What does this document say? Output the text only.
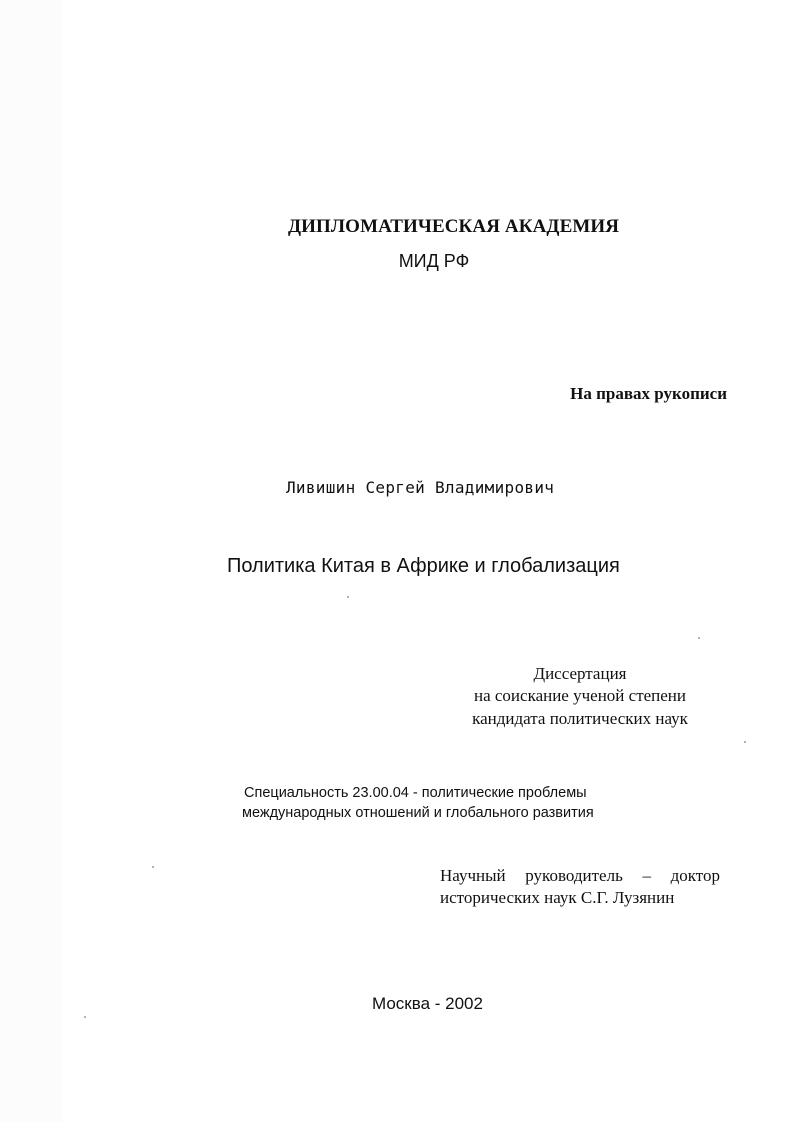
ДИПЛОМАТИЧЕСКАЯ АКАДЕМИЯ
МИД РФ
На правах рукописи
Ливишин Сергей Владимирович
Политика Китая в Африке и глобализация
Диссертация
на соискание ученой степени
кандидата политических наук
Специальность 23.00.04 - политические проблемы
международных отношений и глобального развития
Научный руководитель – доктор
исторических наук С.Г. Лузянин
Москва - 2002
